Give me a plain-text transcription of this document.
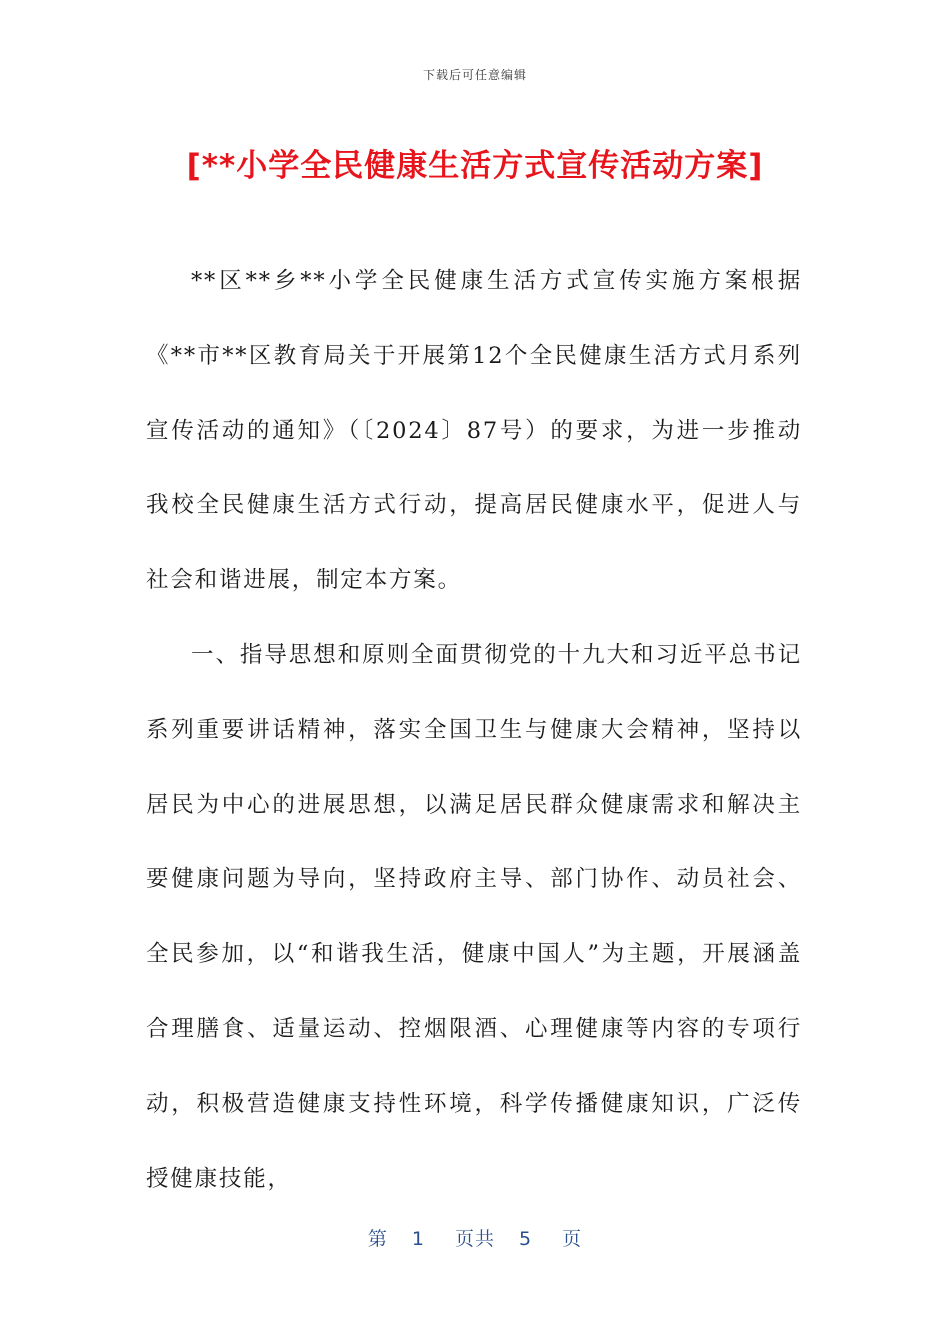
下载后可任意编辑
[**小学全民健康生活方式宣传活动方案]

**区**乡**小学全民健康生活方式宣传实施方案根据《**市**区教育局关于开展第12个全民健康生活方式月系列宣传活动的通知》（〔2024〕87号）的要求，为进一步推动我校全民健康生活方式行动，提高居民健康水平，促进人与社会和谐进展，制定本方案。

一、指导思想和原则全面贯彻党的十九大和习近平总书记系列重要讲话精神，落实全国卫生与健康大会精神，坚持以居民为中心的进展思想，以满足居民群众健康需求和解决主要健康问题为导向，坚持政府主导、部门协作、动员社会、全民参加，以“和谐我生活，健康中国人”为主题，开展涵盖合理膳食、适量运动、控烟限酒、心理健康等内容的专项行动，积极营造健康支持性环境，科学传播健康知识，广泛传授健康技能，

第 1 页共 5 页
